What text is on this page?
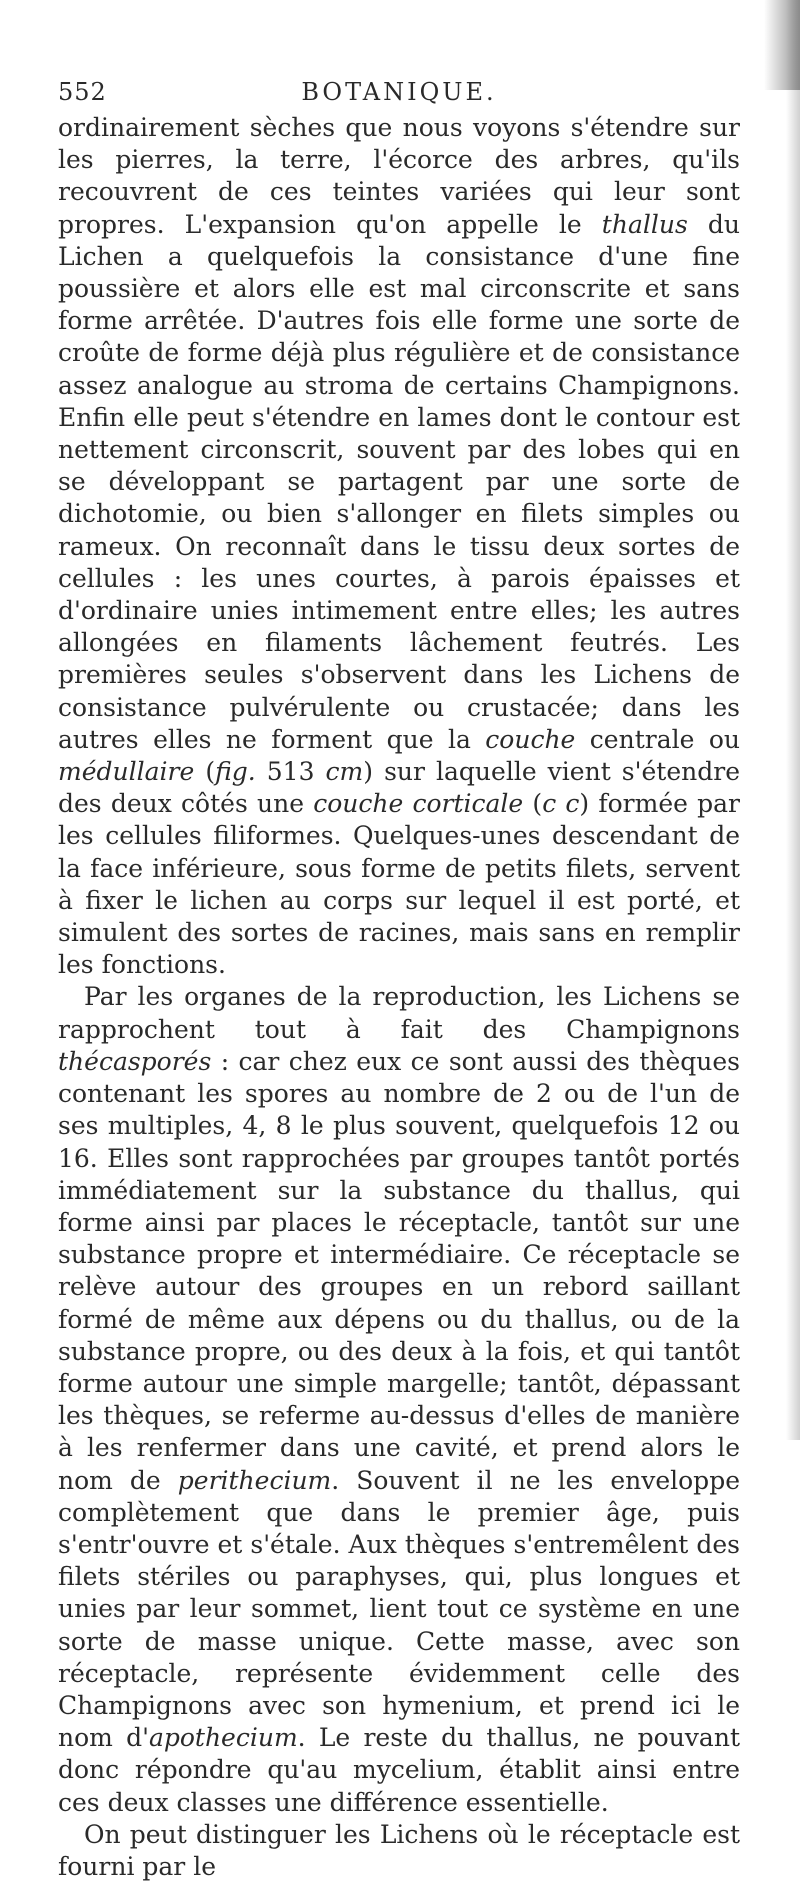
552	BOTANIQUE.

ordinairement sèches que nous voyons s'étendre sur les pierres, la terre, l'écorce des arbres, qu'ils recouvrent de ces teintes variées qui leur sont propres. L'expansion qu'on appelle le thallus du Lichen a quelquefois la consistance d'une fine poussière et alors elle est mal circonscrite et sans forme arrêtée. D'autres fois elle forme une sorte de croûte de forme déjà plus régulière et de consistance assez analogue au stroma de certains Champignons. Enfin elle peut s'étendre en lames dont le contour est nettement circonscrit, souvent par des lobes qui en se développant se partagent par une sorte de dichotomie, ou bien s'allonger en filets simples ou rameux. On reconnaît dans le tissu deux sortes de cellules : les unes courtes, à parois épaisses et d'ordinaire unies intimement entre elles; les autres allongées en filaments lâchement feutrés. Les premières seules s'observent dans les Lichens de consistance pulvérulente ou crustacée; dans les autres elles ne forment que la couche centrale ou médullaire (fig. 513 cm) sur laquelle vient s'étendre des deux côtés une couche corticale (c c) formée par les cellules filiformes. Quelques-unes descendant de la face inférieure, sous forme de petits filets, servent à fixer le lichen au corps sur lequel il est porté, et simulent des sortes de racines, mais sans en remplir les fonctions.

Par les organes de la reproduction, les Lichens se rapprochent tout à fait des Champignons thécasporés : car chez eux ce sont aussi des thèques contenant les spores au nombre de 2 ou de l'un de ses multiples, 4, 8 le plus souvent, quelquefois 12 ou 16. Elles sont rapprochées par groupes tantôt portés immédiatement sur la substance du thallus, qui forme ainsi par places le réceptacle, tantôt sur une substance propre et intermédiaire. Ce réceptacle se relève autour des groupes en un rebord saillant formé de même aux dépens ou du thallus, ou de la substance propre, ou des deux à la fois, et qui tantôt forme autour une simple margelle; tantôt, dépassant les thèques, se referme au-dessus d'elles de manière à les renfermer dans une cavité, et prend alors le nom de perithecium. Souvent il ne les enveloppe complètement que dans le premier âge, puis s'entr'ouvre et s'étale. Aux thèques s'entremêlent des filets stériles ou paraphyses, qui, plus longues et unies par leur sommet, lient tout ce système en une sorte de masse unique. Cette masse, avec son réceptacle, représente évidemment celle des Champignons avec son hymenium, et prend ici le nom d'apothecium. Le reste du thallus, ne pouvant donc répondre qu'au mycelium, établit ainsi entre ces deux classes une différence essentielle.

On peut distinguer les Lichens où le réceptacle est fourni par le
